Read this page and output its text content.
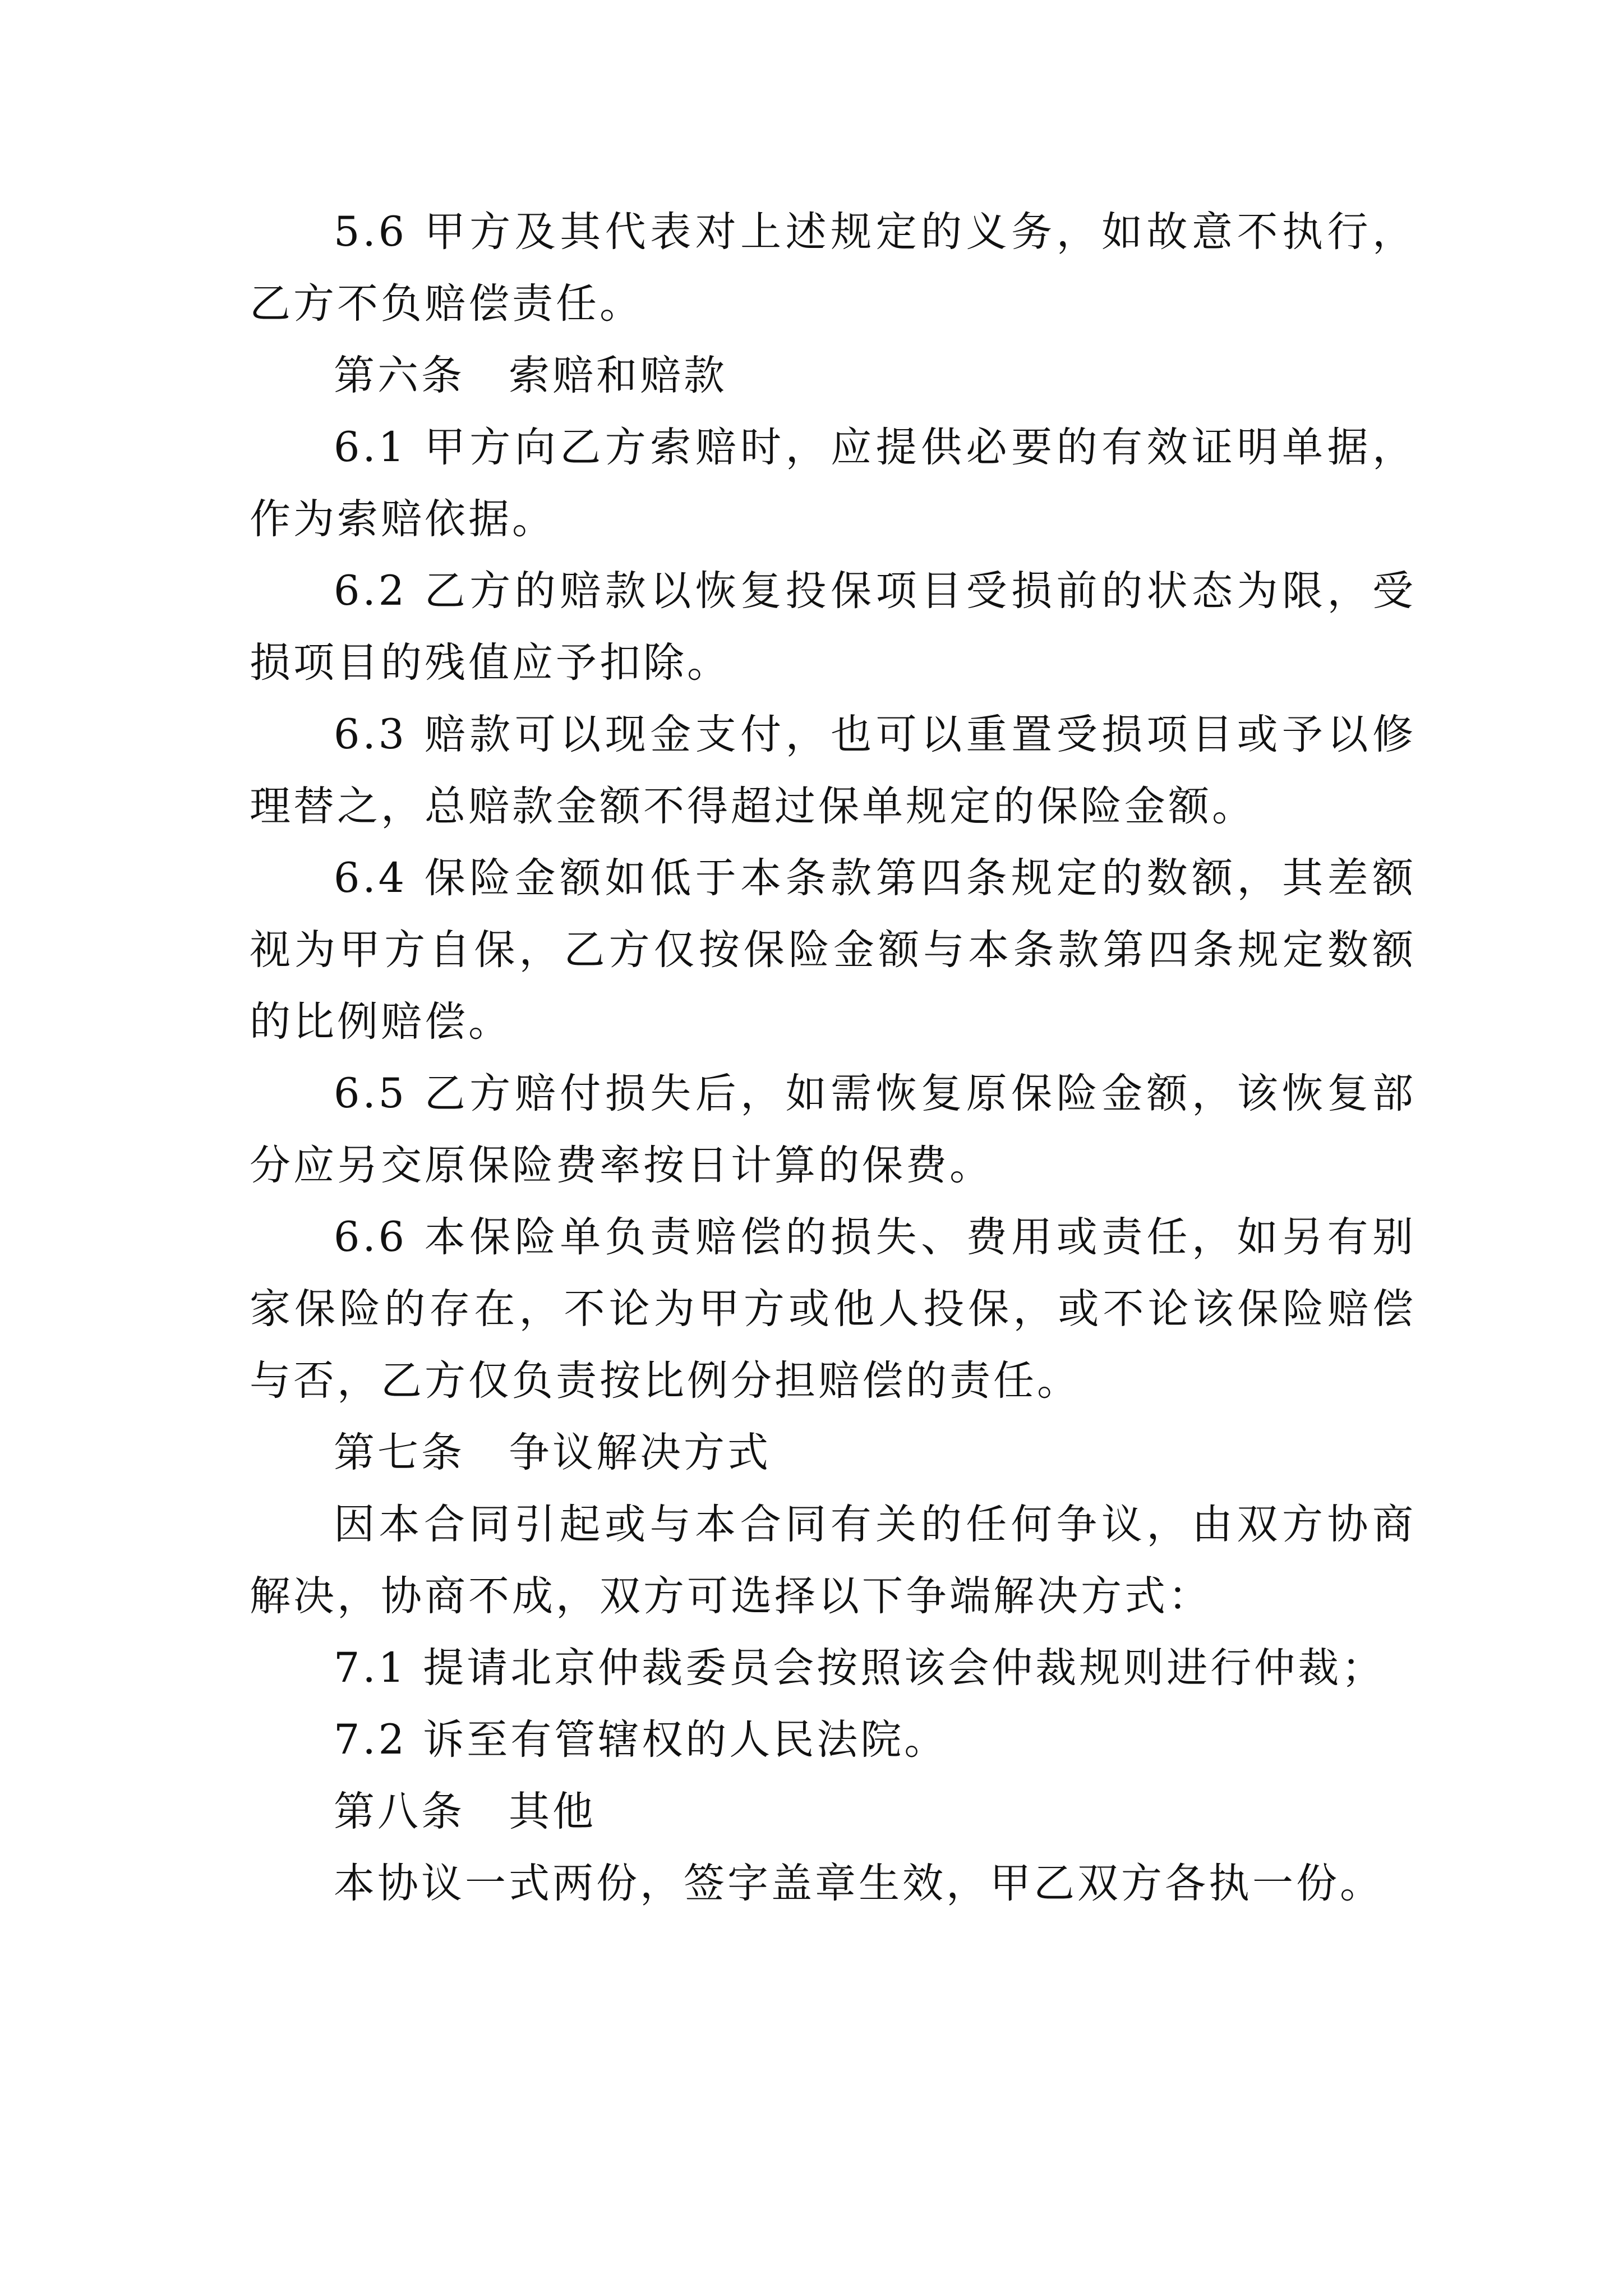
5.6 甲方及其代表对上述规定的义务，如故意不执行，乙方不负赔偿责任。

第六条　索赔和赔款

6.1 甲方向乙方索赔时，应提供必要的有效证明单据，作为索赔依据。

6.2 乙方的赔款以恢复投保项目受损前的状态为限，受损项目的残值应予扣除。

6.3 赔款可以现金支付，也可以重置受损项目或予以修理替之，总赔款金额不得超过保单规定的保险金额。

6.4 保险金额如低于本条款第四条规定的数额，其差额视为甲方自保，乙方仅按保险金额与本条款第四条规定数额的比例赔偿。

6.5 乙方赔付损失后，如需恢复原保险金额，该恢复部分应另交原保险费率按日计算的保费。

6.6 本保险单负责赔偿的损失、费用或责任，如另有别家保险的存在，不论为甲方或他人投保，或不论该保险赔偿与否，乙方仅负责按比例分担赔偿的责任。

第七条　争议解决方式

因本合同引起或与本合同有关的任何争议，由双方协商解决，协商不成，双方可选择以下争端解决方式：

7.1 提请北京仲裁委员会按照该会仲裁规则进行仲裁；

7.2 诉至有管辖权的人民法院。

第八条　其他

本协议一式两份，签字盖章生效，甲乙双方各执一份。
